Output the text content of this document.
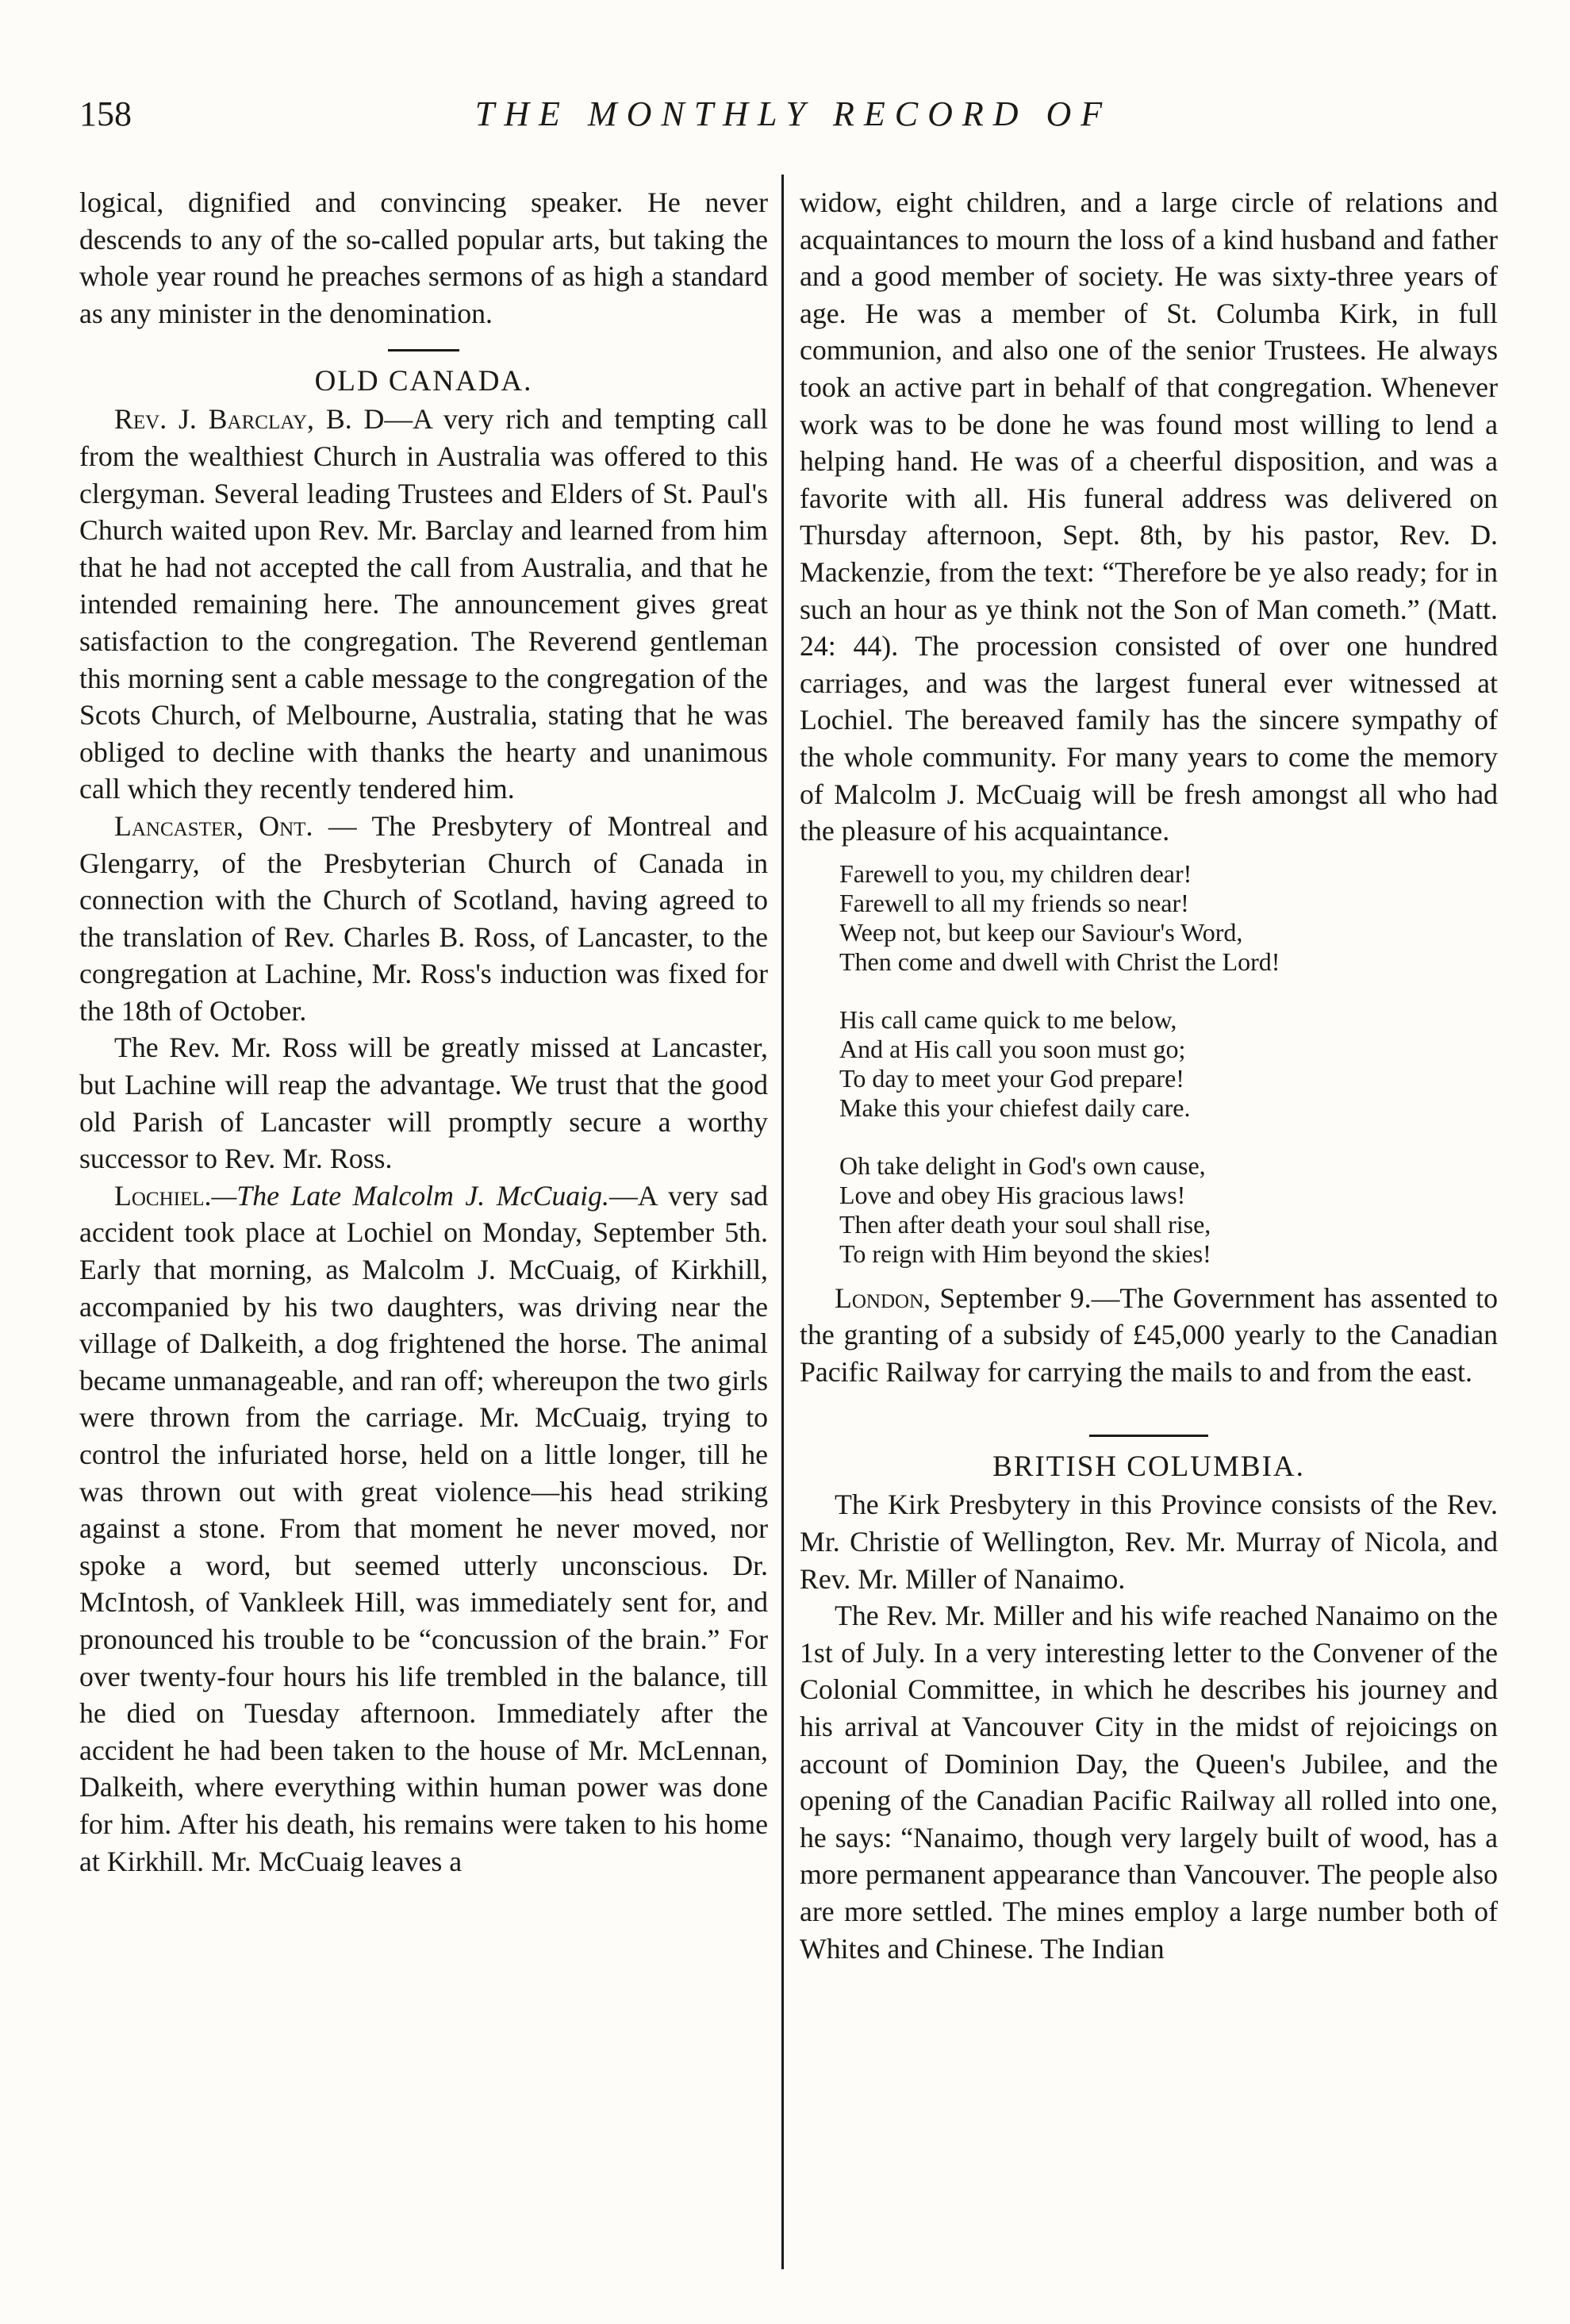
158	THE MONTHLY RECORD OF

logical, dignified and convincing speaker. He never descends to any of the so-called popular arts, but taking the whole year round he preaches sermons of as high a standard as any minister in the denomination.

OLD CANADA.

Rev. J. Barclay, B. D—A very rich and tempting call from the wealthiest Church in Australia was offered to this clergyman. Several leading Trustees and Elders of St. Paul's Church waited upon Rev. Mr. Barclay and learned from him that he had not accepted the call from Australia, and that he intended remaining here. The announcement gives great satisfaction to the congregation. The Reverend gentleman this morning sent a cable message to the congregation of the Scots Church, of Melbourne, Australia, stating that he was obliged to decline with thanks the hearty and unanimous call which they recently tendered him.

Lancaster, Ont. — The Presbytery of Montreal and Glengarry, of the Presbyterian Church of Canada in connection with the Church of Scotland, having agreed to the translation of Rev. Charles B. Ross, of Lancaster, to the congregation at Lachine, Mr. Ross's induction was fixed for the 18th of October.

The Rev. Mr. Ross will be greatly missed at Lancaster, but Lachine will reap the advantage. We trust that the good old Parish of Lancaster will promptly secure a worthy successor to Rev. Mr. Ross.

Lochiel.—The Late Malcolm J. McCuaig.—A very sad accident took place at Lochiel on Monday, September 5th. Early that morning, as Malcolm J. McCuaig, of Kirkhill, accompanied by his two daughters, was driving near the village of Dalkeith, a dog frightened the horse. The animal became unmanageable, and ran off; whereupon the two girls were thrown from the carriage. Mr. McCuaig, trying to control the infuriated horse, held on a little longer, till he was thrown out with great violence—his head striking against a stone. From that moment he never moved, nor spoke a word, but seemed utterly unconscious. Dr. McIntosh, of Vankleek Hill, was immediately sent for, and pronounced his trouble to be “concussion of the brain.” For over twenty-four hours his life trembled in the balance, till he died on Tuesday afternoon. Immediately after the accident he had been taken to the house of Mr. McLennan, Dalkeith, where everything within human power was done for him. After his death, his remains were taken to his home at Kirkhill. Mr. McCuaig leaves a

widow, eight children, and a large circle of relations and acquaintances to mourn the loss of a kind husband and father and a good member of society. He was sixty-three years of age. He was a member of St. Columba Kirk, in full communion, and also one of the senior Trustees. He always took an active part in behalf of that congregation. Whenever work was to be done he was found most willing to lend a helping hand. He was of a cheerful disposition, and was a favorite with all. His funeral address was delivered on Thursday afternoon, Sept. 8th, by his pastor, Rev. D. Mackenzie, from the text: “Therefore be ye also ready; for in such an hour as ye think not the Son of Man cometh.” (Matt. 24: 44). The procession consisted of over one hundred carriages, and was the largest funeral ever witnessed at Lochiel. The bereaved family has the sincere sympathy of the whole community. For many years to come the memory of Malcolm J. McCuaig will be fresh amongst all who had the pleasure of his acquaintance.

Farewell to you, my children dear!
Farewell to all my friends so near!
Weep not, but keep our Saviour's Word,
Then come and dwell with Christ the Lord!
His call came quick to me below,
And at His call you soon must go;
To day to meet your God prepare!
Make this your chiefest daily care.
Oh take delight in God's own cause,
Love and obey His gracious laws!
Then after death your soul shall rise,
To reign with Him beyond the skies!

London, September 9.—The Government has assented to the granting of a subsidy of £45,000 yearly to the Canadian Pacific Railway for carrying the mails to and from the east.

BRITISH COLUMBIA.

The Kirk Presbytery in this Province consists of the Rev. Mr. Christie of Wellington, Rev. Mr. Murray of Nicola, and Rev. Mr. Miller of Nanaimo.

The Rev. Mr. Miller and his wife reached Nanaimo on the 1st of July. In a very interesting letter to the Convener of the Colonial Committee, in which he describes his journey and his arrival at Vancouver City in the midst of rejoicings on account of Dominion Day, the Queen's Jubilee, and the opening of the Canadian Pacific Railway all rolled into one, he says: “Nanaimo, though very largely built of wood, has a more permanent appearance than Vancouver. The people also are more settled. The mines employ a large number both of Whites and Chinese. The Indian
